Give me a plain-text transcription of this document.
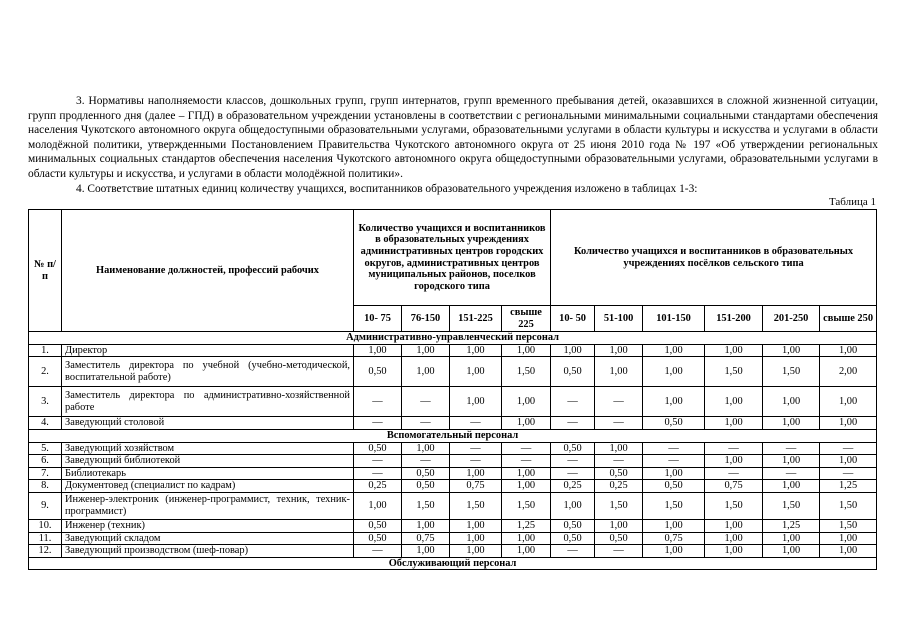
3. Нормативы наполняемости классов, дошкольных групп, групп интернатов, групп временного пребывания детей, оказавшихся в сложной жизненной ситуации, групп продленного дня (далее – ГПД) в образовательном учреждении установлены в соответствии с региональными минимальными социальными стандартами обеспечения населения Чукотского автономного округа общедоступными образовательными услугами, образовательными услугами в области культуры и искусства и услугами в области молодёжной политики, утвержденными Постановлением Правительства Чукотского автономного округа от 25 июня 2010 года № 197 «Об утверждении региональных минимальных социальных стандартов обеспечения населения Чукотского автономного округа общедоступными образовательными услугами, образовательными услугами в области культуры и искусства, и услугами в области молодёжной политики».

4. Соответствие штатных единиц количеству учащихся, воспитанников образовательного учреждения изложено в таблицах 1-3:

Таблица 1

№ п/п	Наименование должностей, профессий рабочих	Количество учащихся и воспитанников в образовательных учреждениях административных центров городских округов, административных центров муниципальных районов, поселков городского типа				Количество учащихся и воспитанников в образовательных учреждениях посёлков сельского типа					
		10- 75	76-150	151-225	свыше 225	10- 50	51-100	101-150	151-200	201-250	свыше 250
Административно-управленческий персонал											
1.	Директор	1,00	1,00	1,00	1,00	1,00	1,00	1,00	1,00	1,00	1,00
2.	Заместитель директора по учебной (учебно-методической, воспитательной работе)	0,50	1,00	1,00	1,50	0,50	1,00	1,00	1,50	1,50	2,00
3.	Заместитель директора по административно-хозяйственной работе	—	—	1,00	1,00	—	—	1,00	1,00	1,00	1,00
4.	Заведующий столовой	—	—	—	1,00	—	—	0,50	1,00	1,00	1,00
Вспомогательный персонал											
5.	Заведующий хозяйством	0,50	1,00	—	—	0,50	1,00	—	—	—	—
6.	Заведующий библиотекой	—	—	—	—	—	—	—	1,00	1,00	1,00
7.	Библиотекарь	—	0,50	1,00	1,00	—	0,50	1,00	—	—	—
8.	Документовед (специалист по кадрам)	0,25	0,50	0,75	1,00	0,25	0,25	0,50	0,75	1,00	1,25
9.	Инженер-электроник (инженер-программист, техник, техник-программист)	1,00	1,50	1,50	1,50	1,00	1,50	1,50	1,50	1,50	1,50
10.	Инженер (техник)	0,50	1,00	1,00	1,25	0,50	1,00	1,00	1,00	1,25	1,50
11.	Заведующий складом	0,50	0,75	1,00	1,00	0,50	0,50	0,75	1,00	1,00	1,00
12.	Заведующий производством (шеф-повар)	—	1,00	1,00	1,00	—	—	1,00	1,00	1,00	1,00
Обслуживающий персонал											
